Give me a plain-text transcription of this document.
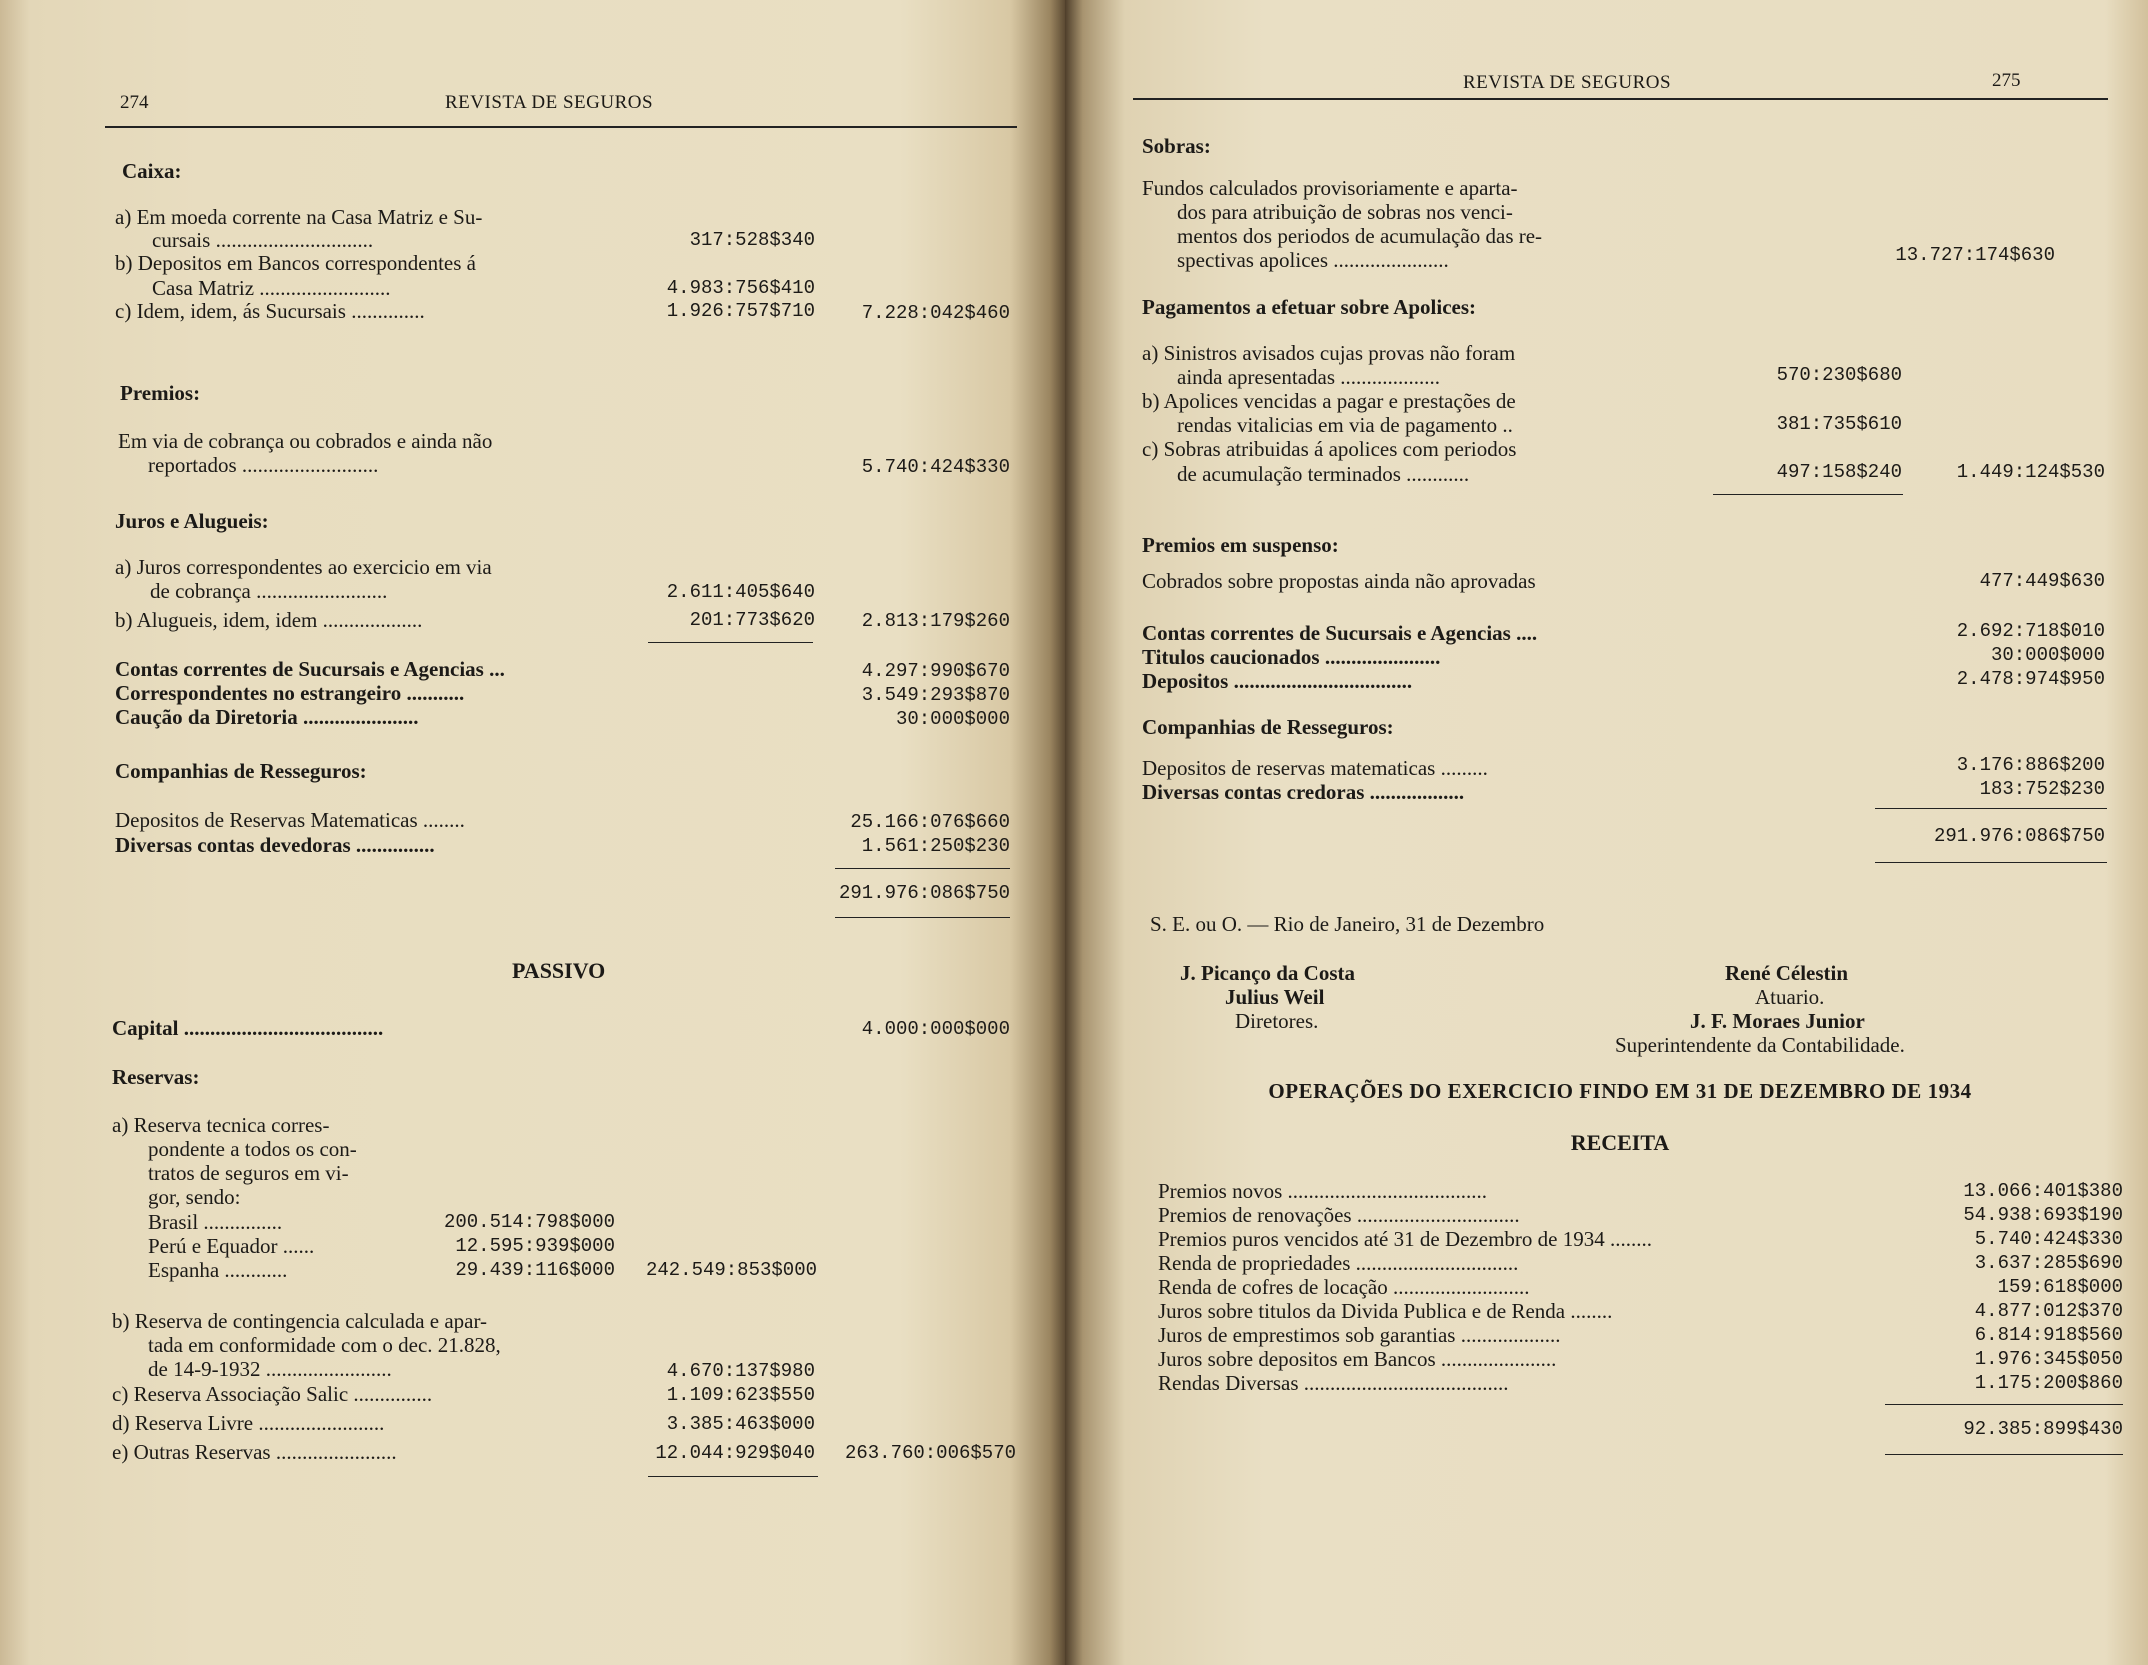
274	REVISTA DE SEGUROS
Caixa:
a) Em moeda corrente na Casa Matriz e Su-
cursais ..............................	317:528$340
b) Depositos em Bancos correspondentes á
Casa Matriz .........................	4.983:756$410
c) Idem, idem, ás Sucursais ..............	1.926:757$710	7.228:042$460
Premios:
Em via de cobrança ou cobrados e ainda não
reportados ..........................	5.740:424$330
Juros e Alugueis:
a) Juros correspondentes ao exercicio em via
de cobrança .........................	2.611:405$640
b) Alugueis, idem, idem ...................	201:773$620	2.813:179$260
Contas correntes de Sucursais e Agencias ...	4.297:990$670
Correspondentes no estrangeiro ...........	3.549:293$870
Caução da Diretoria ......................	30:000$000
Companhias de Resseguros:
Depositos de Reservas Matematicas ........	25.166:076$660
Diversas contas devedoras ...............	1.561:250$230
291.976:086$750
PASSIVO
Capital ......................................	4.000:000$000
Reservas:
a) Reserva tecnica corres-
pondente a todos os con-
tratos de seguros em vi-
gor, sendo:
Brasil ...............	200.514:798$000
Perú e Equador ......	12.595:939$000
Espanha ............	29.439:116$000	242.549:853$000
b) Reserva de contingencia calculada e apar-
tada em conformidade com o dec. 21.828,
de 14-9-1932 ........................	4.670:137$980
c) Reserva Associação Salic ...............	1.109:623$550
d) Reserva Livre ........................	3.385:463$000
e) Outras Reservas .......................	12.044:929$040	263.760:006$570
REVISTA DE SEGUROS	275
Sobras:
Fundos calculados provisoriamente e aparta-
dos para atribuição de sobras nos venci-
mentos dos periodos de acumulação das re-
spectivas apolices ......................	13.727:174$630
Pagamentos a efetuar sobre Apolices:
a) Sinistros avisados cujas provas não foram
ainda apresentadas ...................	570:230$680
b) Apolices vencidas a pagar e prestações de
rendas vitalicias em via de pagamento ..	381:735$610
c) Sobras atribuidas á apolices com periodos
de acumulação terminados ............	497:158$240	1.449:124$530
Premios em suspenso:
Cobrados sobre propostas ainda não aprovadas	477:449$630
Contas correntes de Sucursais e Agencias ....	2.692:718$010
Titulos caucionados ......................	30:000$000
Depositos ..................................	2.478:974$950
Companhias de Resseguros:
Depositos de reservas matematicas .........	3.176:886$200
Diversas contas credoras ..................	183:752$230
291.976:086$750
S. E. ou O. — Rio de Janeiro, 31 de Dezembro
J. Picanço da Costa
Julius Weil
Diretores.
René Célestin
Atuario.
J. F. Moraes Junior
Superintendente da Contabilidade.
OPERAÇÕES DO EXERCICIO FINDO EM 31 DE DEZEMBRO DE 1934
RECEITA
Premios novos ......................................	13.066:401$380
Premios de renovações ...............................	54.938:693$190
Premios puros vencidos até 31 de Dezembro de 1934 ........	5.740:424$330
Renda de propriedades ...............................	3.637:285$690
Renda de cofres de locação ..........................	159:618$000
Juros sobre titulos da Divida Publica e de Renda ........	4.877:012$370
Juros de emprestimos sob garantias ...................	6.814:918$560
Juros sobre depositos em Bancos ......................	1.976:345$050
Rendas Diversas .......................................	1.175:200$860
92.385:899$430
